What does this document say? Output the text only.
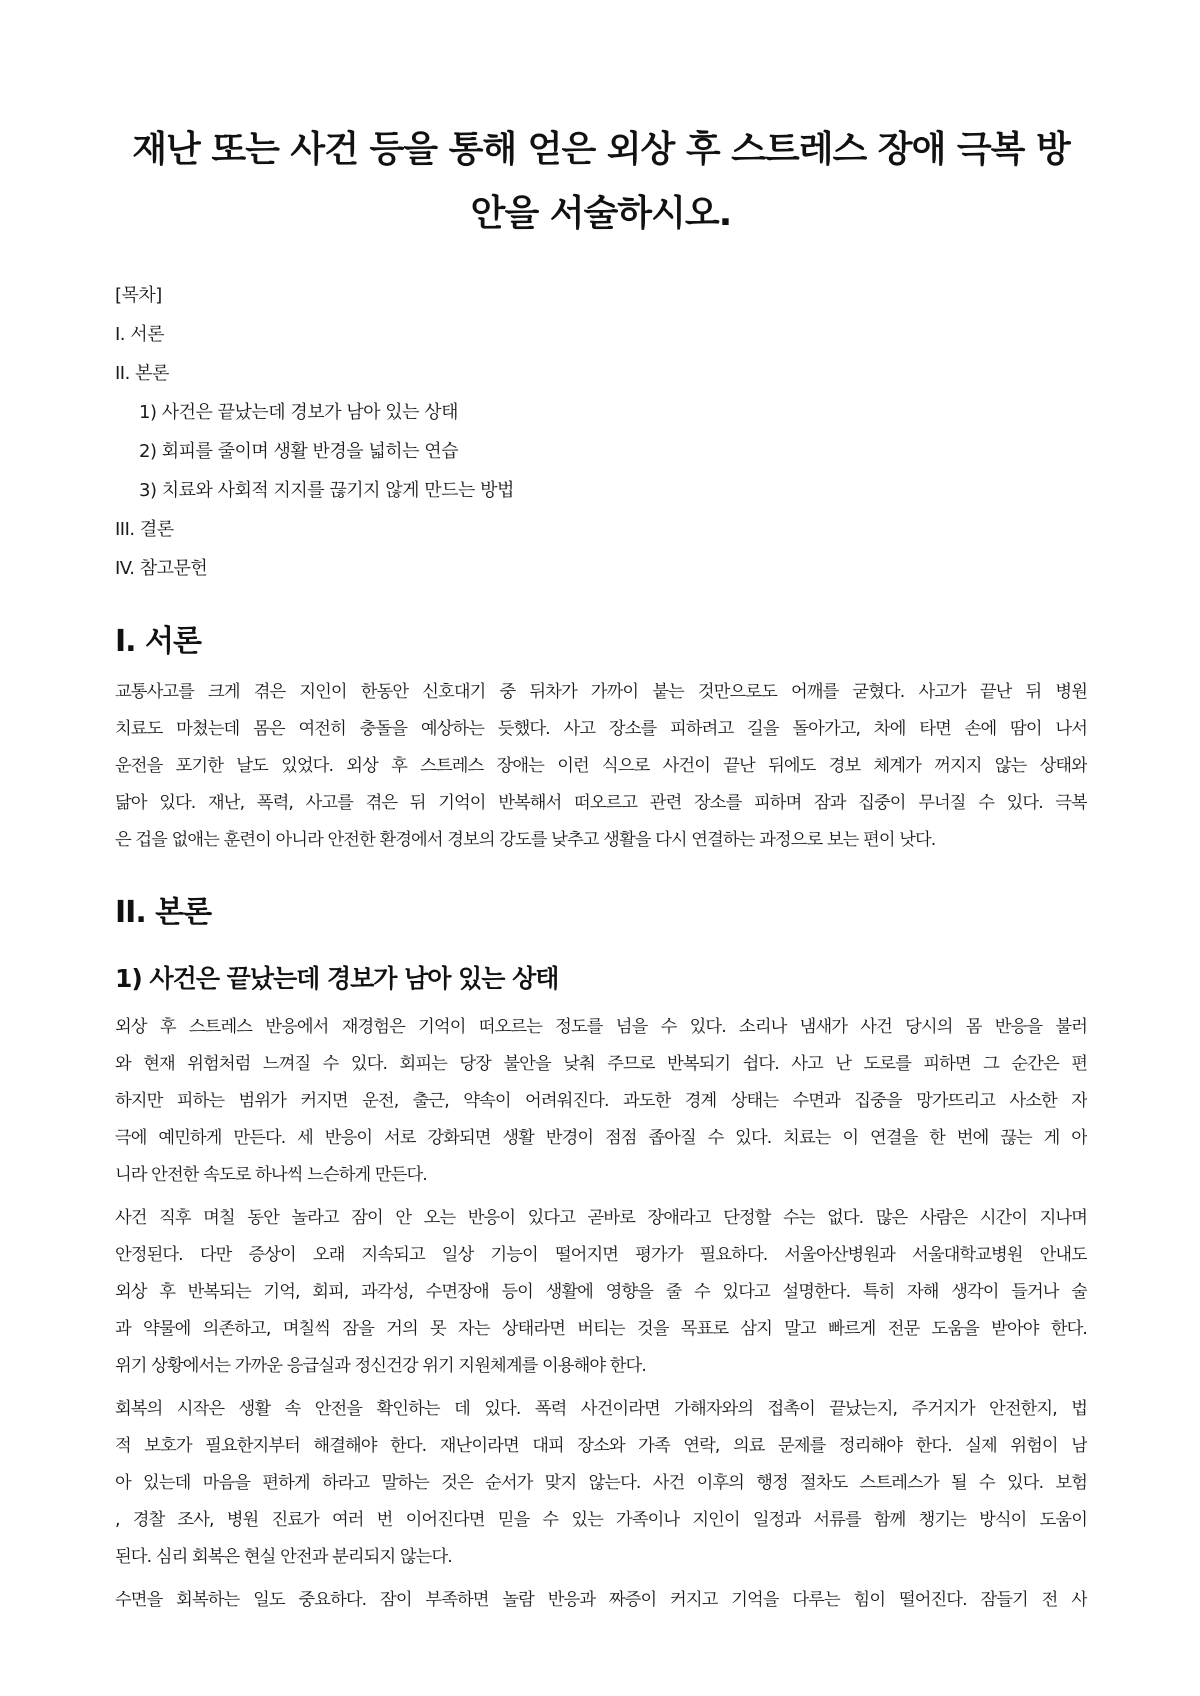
재난 또는 사건 등을 통해 얻은 외상 후 스트레스 장애 극복 방
안을 서술하시오.
[목차]
I. 서론
II. 본론
1) 사건은 끝났는데 경보가 남아 있는 상태
2) 회피를 줄이며 생활 반경을 넓히는 연습
3) 치료와 사회적 지지를 끊기지 않게 만드는 방법
III. 결론
IV. 참고문헌
I. 서론
교통사고를 크게 겪은 지인이 한동안 신호대기 중 뒤차가 가까이 붙는 것만으로도 어깨를 굳혔다. 사고가 끝난 뒤 병원
치료도 마쳤는데 몸은 여전히 충돌을 예상하는 듯했다. 사고 장소를 피하려고 길을 돌아가고, 차에 타면 손에 땀이 나서
운전을 포기한 날도 있었다. 외상 후 스트레스 장애는 이런 식으로 사건이 끝난 뒤에도 경보 체계가 꺼지지 않는 상태와
닮아 있다. 재난, 폭력, 사고를 겪은 뒤 기억이 반복해서 떠오르고 관련 장소를 피하며 잠과 집중이 무너질 수 있다. 극복
은 겁을 없애는 훈련이 아니라 안전한 환경에서 경보의 강도를 낮추고 생활을 다시 연결하는 과정으로 보는 편이 낫다.
II. 본론
1) 사건은 끝났는데 경보가 남아 있는 상태
외상 후 스트레스 반응에서 재경험은 기억이 떠오르는 정도를 넘을 수 있다. 소리나 냄새가 사건 당시의 몸 반응을 불러
와 현재 위험처럼 느껴질 수 있다. 회피는 당장 불안을 낮춰 주므로 반복되기 쉽다. 사고 난 도로를 피하면 그 순간은 편
하지만 피하는 범위가 커지면 운전, 출근, 약속이 어려워진다. 과도한 경계 상태는 수면과 집중을 망가뜨리고 사소한 자
극에 예민하게 만든다. 세 반응이 서로 강화되면 생활 반경이 점점 좁아질 수 있다. 치료는 이 연결을 한 번에 끊는 게 아
니라 안전한 속도로 하나씩 느슨하게 만든다.
사건 직후 며칠 동안 놀라고 잠이 안 오는 반응이 있다고 곧바로 장애라고 단정할 수는 없다. 많은 사람은 시간이 지나며
안정된다. 다만 증상이 오래 지속되고 일상 기능이 떨어지면 평가가 필요하다. 서울아산병원과 서울대학교병원 안내도
외상 후 반복되는 기억, 회피, 과각성, 수면장애 등이 생활에 영향을 줄 수 있다고 설명한다. 특히 자해 생각이 들거나 술
과 약물에 의존하고, 며칠씩 잠을 거의 못 자는 상태라면 버티는 것을 목표로 삼지 말고 빠르게 전문 도움을 받아야 한다.
위기 상황에서는 가까운 응급실과 정신건강 위기 지원체계를 이용해야 한다.
회복의 시작은 생활 속 안전을 확인하는 데 있다. 폭력 사건이라면 가해자와의 접촉이 끝났는지, 주거지가 안전한지, 법
적 보호가 필요한지부터 해결해야 한다. 재난이라면 대피 장소와 가족 연락, 의료 문제를 정리해야 한다. 실제 위험이 남
아 있는데 마음을 편하게 하라고 말하는 것은 순서가 맞지 않는다. 사건 이후의 행정 절차도 스트레스가 될 수 있다. 보험
, 경찰 조사, 병원 진료가 여러 번 이어진다면 믿을 수 있는 가족이나 지인이 일정과 서류를 함께 챙기는 방식이 도움이
된다. 심리 회복은 현실 안전과 분리되지 않는다.
수면을 회복하는 일도 중요하다. 잠이 부족하면 놀람 반응과 짜증이 커지고 기억을 다루는 힘이 떨어진다. 잠들기 전 사
